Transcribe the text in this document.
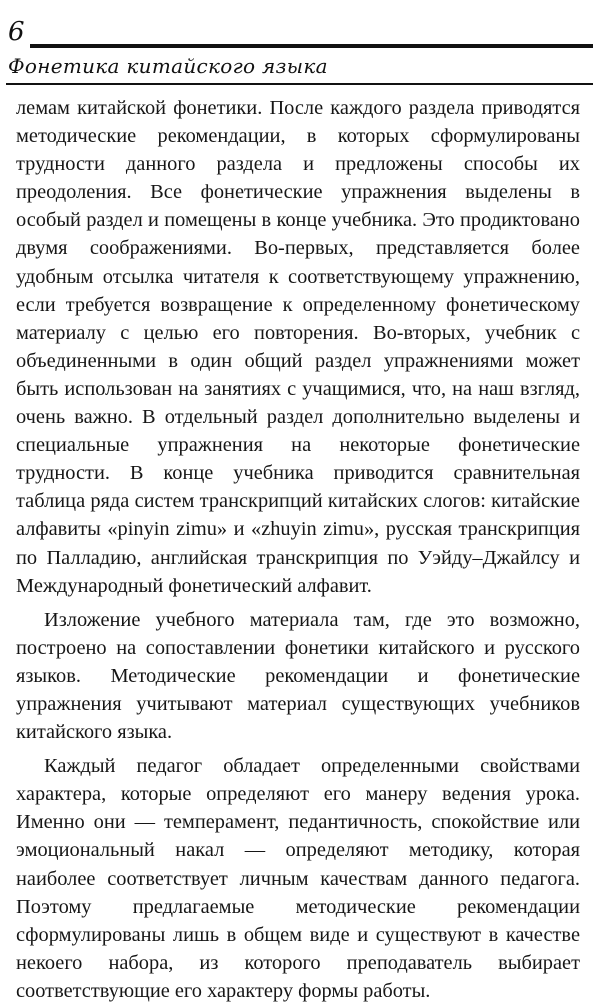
6
Фонетика китайского языка

лемам китайской фонетики. После каждого раздела приводятся методические рекомендации, в которых сформулированы трудности данного раздела и предложены способы их преодоления. Все фонетические упражнения выделены в особый раздел и помещены в конце учебника. Это продиктовано двумя соображениями. Во-первых, представляется более удобным отсылка читателя к соответствующему упражнению, если требуется возвращение к определенному фонетическому материалу с целью его повторения. Во-вторых, учебник с объединенными в один общий раздел упражнениями может быть использован на занятиях с учащимися, что, на наш взгляд, очень важно. В отдельный раздел дополнительно выделены и специальные упражнения на некоторые фонетические трудности. В конце учебника приводится сравнительная таблица ряда систем транскрипций китайских слогов: китайские алфавиты «pinyin zimu» и «zhuyin zimu», русская транскрипция по Палладию, английская транскрипция по Уэйду–Джайлсу и Международный фонетический алфавит.

Изложение учебного материала там, где это возможно, построено на сопоставлении фонетики китайского и русского языков. Методические рекомендации и фонетические упражнения учитывают материал существующих учебников китайского языка.

Каждый педагог обладает определенными свойствами характера, которые определяют его манеру ведения урока. Именно они — темперамент, педантичность, спокойствие или эмоциональный накал — определяют методику, которая наиболее соответствует личным качествам данного педагога. Поэтому предлагаемые методические рекомендации сформулированы лишь в общем виде и существуют в качестве некоего набора, из которого преподаватель выбирает соответствующие его характеру формы работы.
